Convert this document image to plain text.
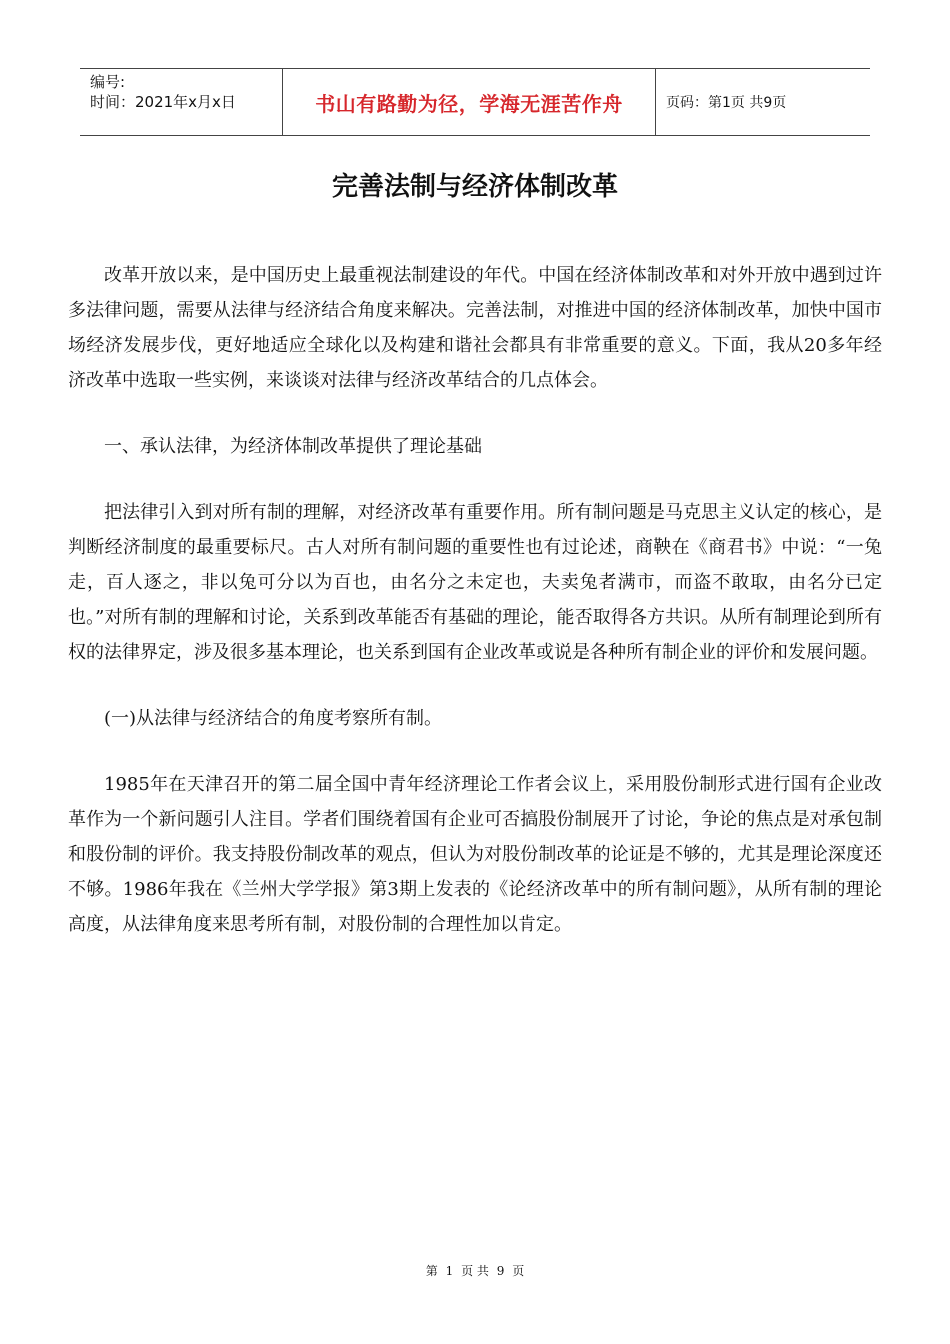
编号:
时间：2021年x月x日	书山有路勤为径，学海无涯苦作舟	页码：第1页 共9页
完善法制与经济体制改革

改革开放以来，是中国历史上最重视法制建设的年代。中国在经济体制改革和对外开放中遇到过许多法律问题，需要从法律与经济结合角度来解决。完善法制，对推进中国的经济体制改革，加快中国市场经济发展步伐，更好地适应全球化以及构建和谐社会都具有非常重要的意义。下面，我从20多年经济改革中选取一些实例，来谈谈对法律与经济改革结合的几点体会。

一、承认法律，为经济体制改革提供了理论基础

把法律引入到对所有制的理解，对经济改革有重要作用。所有制问题是马克思主义认定的核心，是判断经济制度的最重要标尺。古人对所有制问题的重要性也有过论述，商鞅在《商君书》中说：“一兔走，百人逐之，非以兔可分以为百也，由名分之未定也，夫卖兔者满市，而盗不敢取，由名分已定也。”对所有制的理解和讨论，关系到改革能否有基础的理论，能否取得各方共识。从所有制理论到所有权的法律界定，涉及很多基本理论，也关系到国有企业改革或说是各种所有制企业的评价和发展问题。

(一)从法律与经济结合的角度考察所有制。

1985年在天津召开的第二届全国中青年经济理论工作者会议上，采用股份制形式进行国有企业改革作为一个新问题引人注目。学者们围绕着国有企业可否搞股份制展开了讨论，争论的焦点是对承包制和股份制的评价。我支持股份制改革的观点，但认为对股份制改革的论证是不够的，尤其是理论深度还不够。1986年我在《兰州大学学报》第3期上发表的《论经济改革中的所有制问题》，从所有制的理论高度，从法律角度来思考所有制，对股份制的合理性加以肯定。

第 1 页 共 9 页
